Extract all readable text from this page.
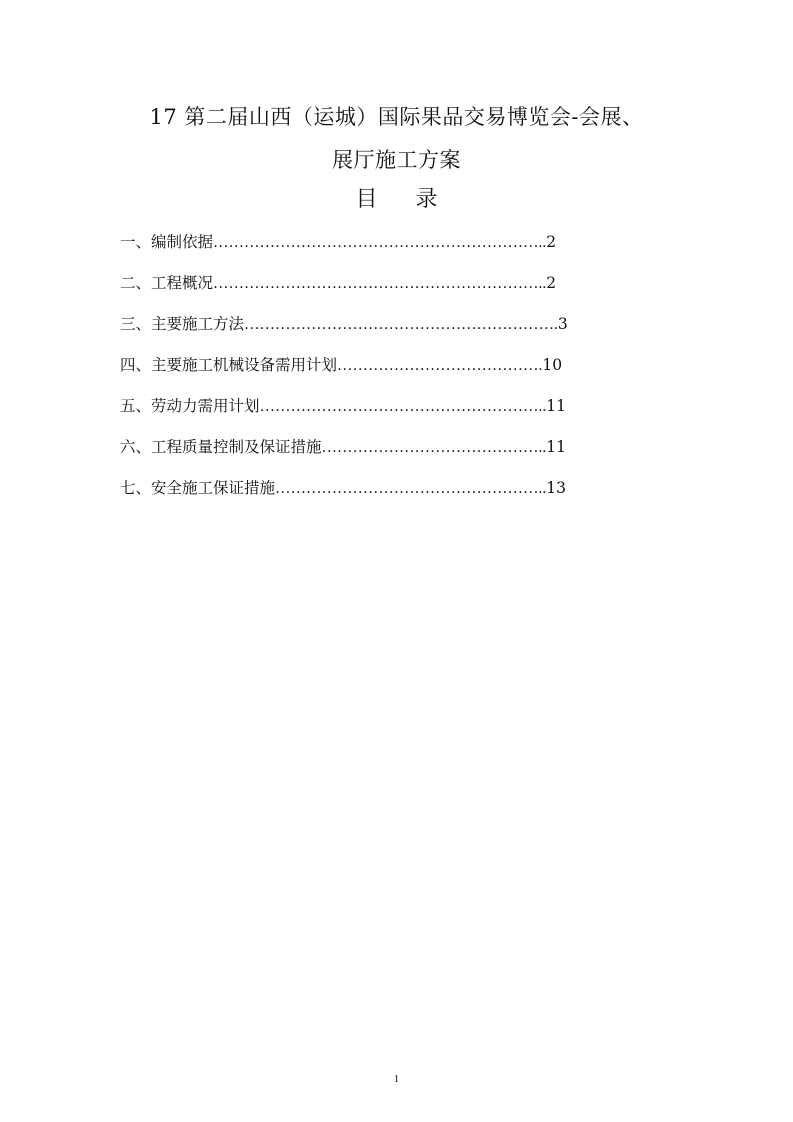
17 第二届山西（运城）国际果品交易博览会-会展、
展厅施工方案
目 录
一、编制依据………………………………………………………..2
二、工程概况………………………………………………………..2
三、主要施工方法…………………………………………………….3
四、主要施工机械设备需用计划………………………………….10
五、劳动力需用计划………………………………………………..11
六、工程质量控制及保证措施……………………………………..11
七、安全施工保证措施……………………………………………..13
1
